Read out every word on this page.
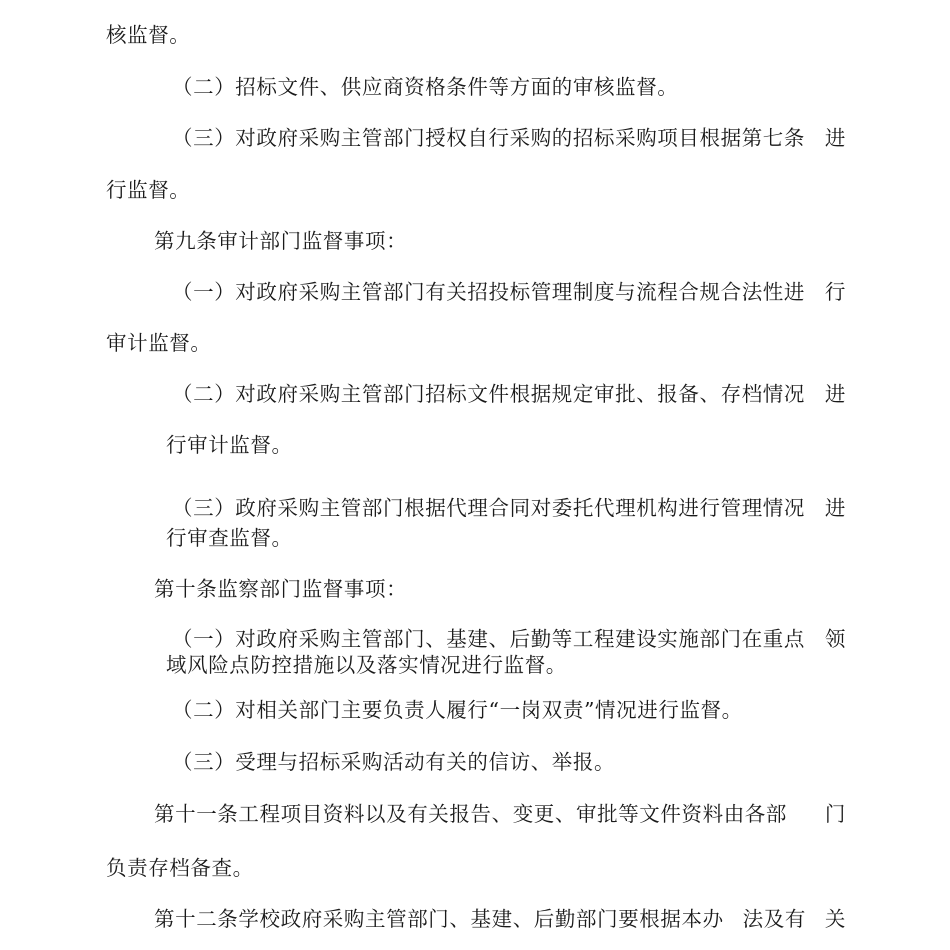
核监督。
（二）招标文件、供应商资格条件等方面的审核监督。
（三）对政府采购主管部门授权自行采购的招标采购项目根据第七条 进
行监督。
第九条审计部门监督事项：
（一）对政府采购主管部门有关招投标管理制度与流程合规合法性进 行
审计监督。
（二）对政府采购主管部门招标文件根据规定审批、报备、存档情况 进
行审计监督。
（三）政府采购主管部门根据代理合同对委托代理机构进行管理情况 进
行审查监督。
第十条监察部门监督事项：
（一）对政府采购主管部门、基建、后勤等工程建设实施部门在重点 领
域风险点防控措施以及落实情况进行监督。
（二）对相关部门主要负责人履行“一岗双责”情况进行监督。
（三）受理与招标采购活动有关的信访、举报。
第十一条工程项目资料以及有关报告、变更、审批等文件资料由各部 门
负责存档备查。
第十二条学校政府采购主管部门、基建、后勤部门要根据本办 法及有 关
